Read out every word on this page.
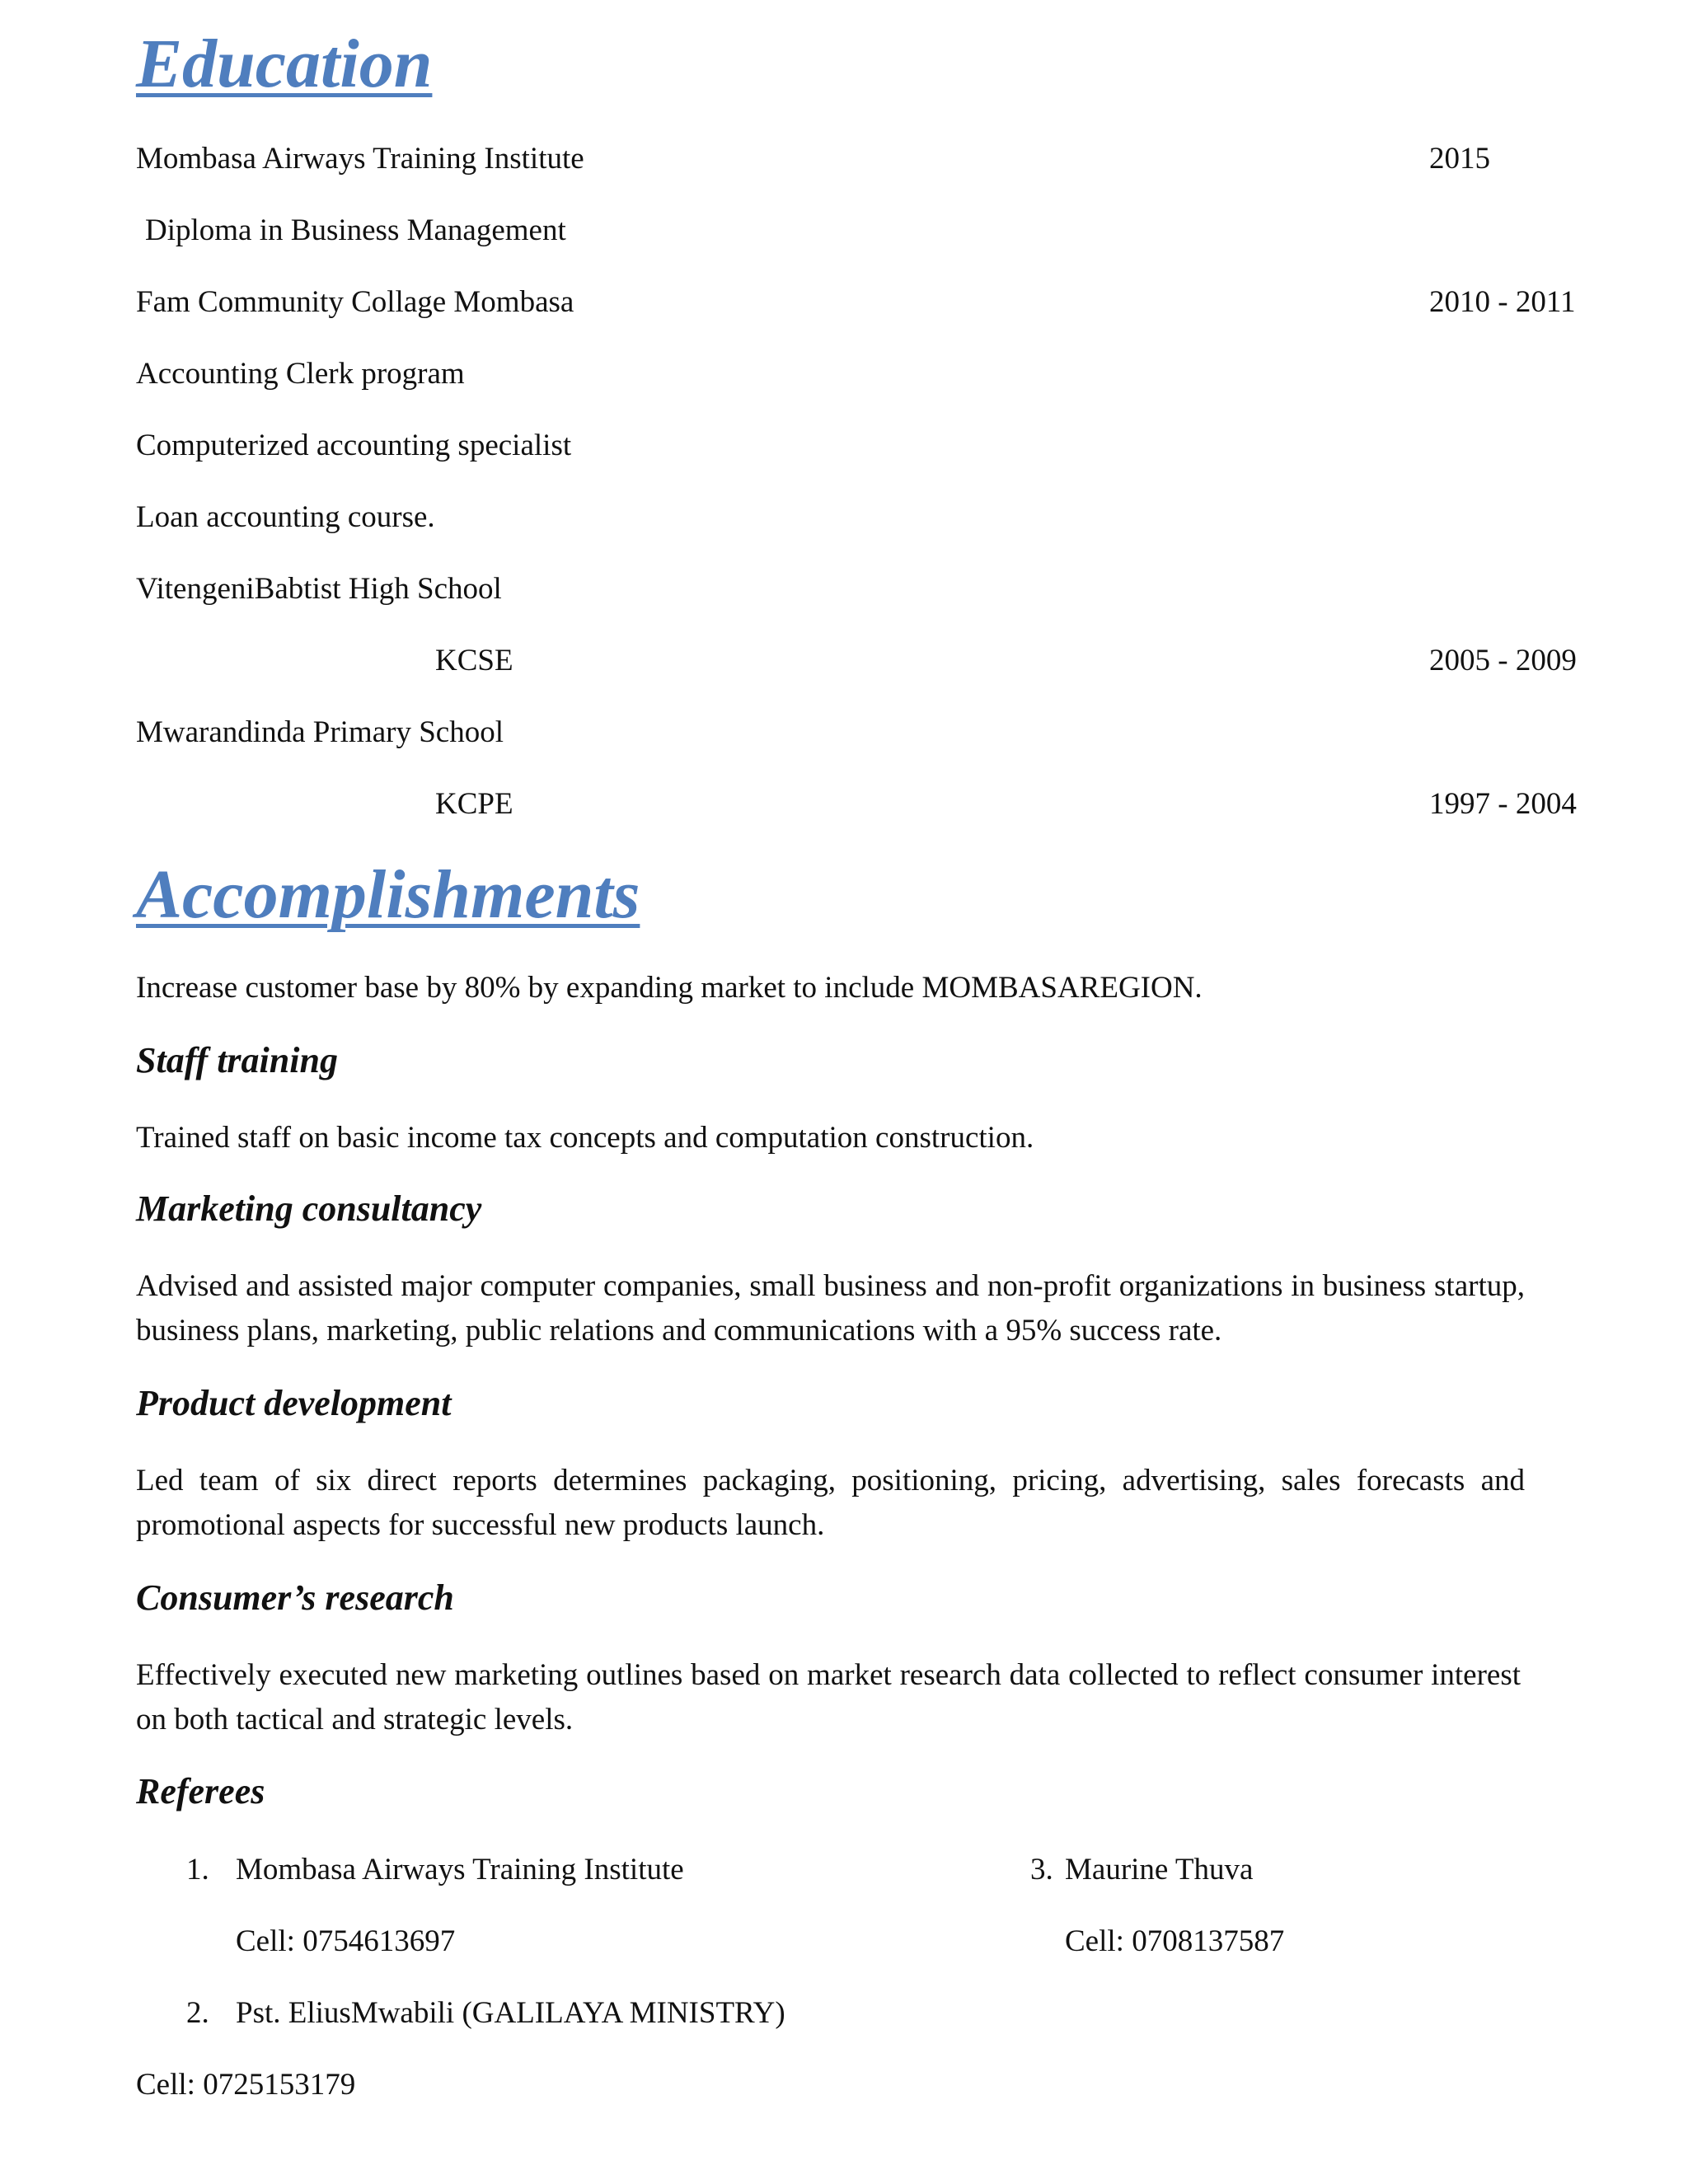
Education
Mombasa Airways Training Institute	2015
Diploma in Business Management
Fam Community Collage Mombasa	2010 - 2011
Accounting Clerk program
Computerized accounting specialist
Loan accounting course.
VitengeniBabtist High School
KCSE	2005 - 2009
Mwarandinda Primary School
KCPE	1997 - 2004
Accomplishments
Increase customer base by 80% by expanding market to include MOMBASAREGION.
Staff training
Trained staff on basic income tax concepts and computation construction.
Marketing consultancy
Advised and assisted major computer companies, small business and non-profit organizations in business startup, business plans, marketing, public relations and communications with a 95% success rate.
Product development
Led team of six direct reports determines packaging, positioning, pricing, advertising, sales forecasts and promotional aspects for successful new products launch.
Consumer’s research
Effectively executed new marketing outlines based on market research data collected to reflect consumer interest on both tactical and strategic levels.
Referees
1. Mombasa Airways Training Institute
Cell: 0754613697
3. Maurine Thuva
Cell: 0708137587
2. Pst. EliusMwabili (GALILAYA MINISTRY)
Cell: 0725153179
